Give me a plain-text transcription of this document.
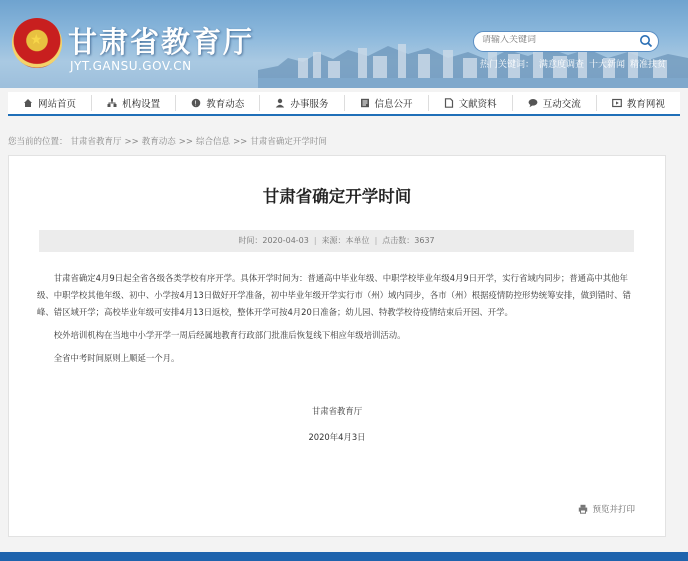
★ 甘肃省教育厅
JYT.GANSU.GOV.CN
请输入关键词	热门关键词： 满意度调查 十大新闻 精准扶贫
网站首页	机构设置	! 教育动态	办事服务	信息公开	文献资料	互动交流	教育网视
您当前的位置： 甘肃省教育厅 >> 教育动态 >> 综合信息 >> 甘肃省确定开学时间
甘肃省确定开学时间
时间：2020-04-03 | 来源：本单位 | 点击数：3637

甘肃省确定4月9日起全省各级各类学校有序开学。具体开学时间为：普通高中毕业年级、中职学校毕业年级4月9日开学，实行省域内同步；普通高中其他年级、中职学校其他年级、初中、小学按4月13日做好开学准备，初中毕业年级开学实行市（州）域内同步，各市（州）根据疫情防控形势统筹安排，做到错时、错峰、错区域开学；高校毕业年级可安排4月13日返校，整体开学可按4月20日准备；幼儿园、特教学校待疫情结束后开园、开学。

校外培训机构在当地中小学开学一周后经属地教育行政部门批准后恢复线下相应年级培训活动。

全省中考时间原则上顺延一个月。

甘肃省教育厅
2020年4月3日
预览并打印
